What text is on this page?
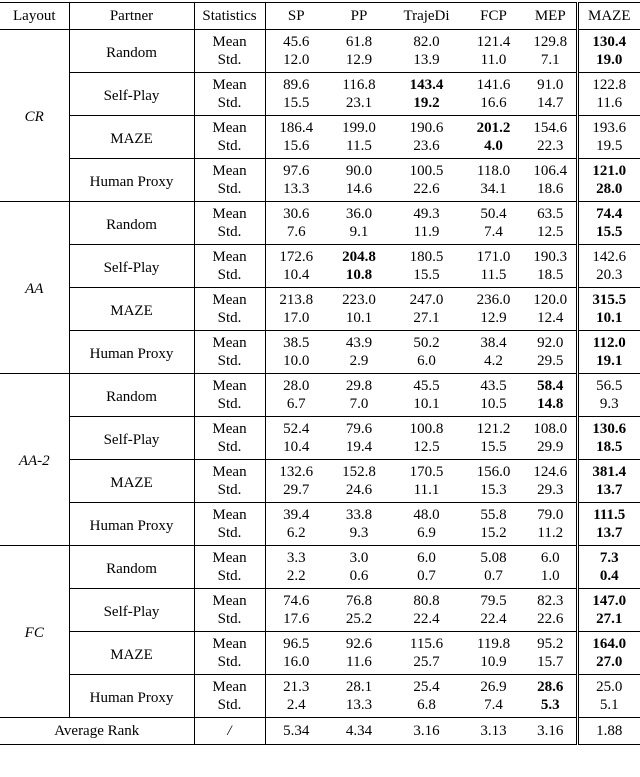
Layout	Partner	Statistics	SP	PP	TrajeDi	FCP	MEP	MAZE
CR	Random	Mean	45.6	61.8	82.0	121.4	129.8	130.4
		Std.	12.0	12.9	13.9	11.0	7.1	19.0
	Self-Play	Mean	89.6	116.8	143.4	141.6	91.0	122.8
		Std.	15.5	23.1	19.2	16.6	14.7	11.6
	MAZE	Mean	186.4	199.0	190.6	201.2	154.6	193.6
		Std.	15.6	11.5	23.6	4.0	22.3	19.5
	Human Proxy	Mean	97.6	90.0	100.5	118.0	106.4	121.0
		Std.	13.3	14.6	22.6	34.1	18.6	28.0
AA	Random	Mean	30.6	36.0	49.3	50.4	63.5	74.4
		Std.	7.6	9.1	11.9	7.4	12.5	15.5
	Self-Play	Mean	172.6	204.8	180.5	171.0	190.3	142.6
		Std.	10.4	10.8	15.5	11.5	18.5	20.3
	MAZE	Mean	213.8	223.0	247.0	236.0	120.0	315.5
		Std.	17.0	10.1	27.1	12.9	12.4	10.1
	Human Proxy	Mean	38.5	43.9	50.2	38.4	92.0	112.0
		Std.	10.0	2.9	6.0	4.2	29.5	19.1
AA-2	Random	Mean	28.0	29.8	45.5	43.5	58.4	56.5
		Std.	6.7	7.0	10.1	10.5	14.8	9.3
	Self-Play	Mean	52.4	79.6	100.8	121.2	108.0	130.6
		Std.	10.4	19.4	12.5	15.5	29.9	18.5
	MAZE	Mean	132.6	152.8	170.5	156.0	124.6	381.4
		Std.	29.7	24.6	11.1	15.3	29.3	13.7
	Human Proxy	Mean	39.4	33.8	48.0	55.8	79.0	111.5
		Std.	6.2	9.3	6.9	15.2	11.2	13.7
FC	Random	Mean	3.3	3.0	6.0	5.08	6.0	7.3
		Std.	2.2	0.6	0.7	0.7	1.0	0.4
	Self-Play	Mean	74.6	76.8	80.8	79.5	82.3	147.0
		Std.	17.6	25.2	22.4	22.4	22.6	27.1
	MAZE	Mean	96.5	92.6	115.6	119.8	95.2	164.0
		Std.	16.0	11.6	25.7	10.9	15.7	27.0
	Human Proxy	Mean	21.3	28.1	25.4	26.9	28.6	25.0
		Std.	2.4	13.3	6.8	7.4	5.3	5.1
Average Rank		/	5.34	4.34	3.16	3.13	3.16	1.88
